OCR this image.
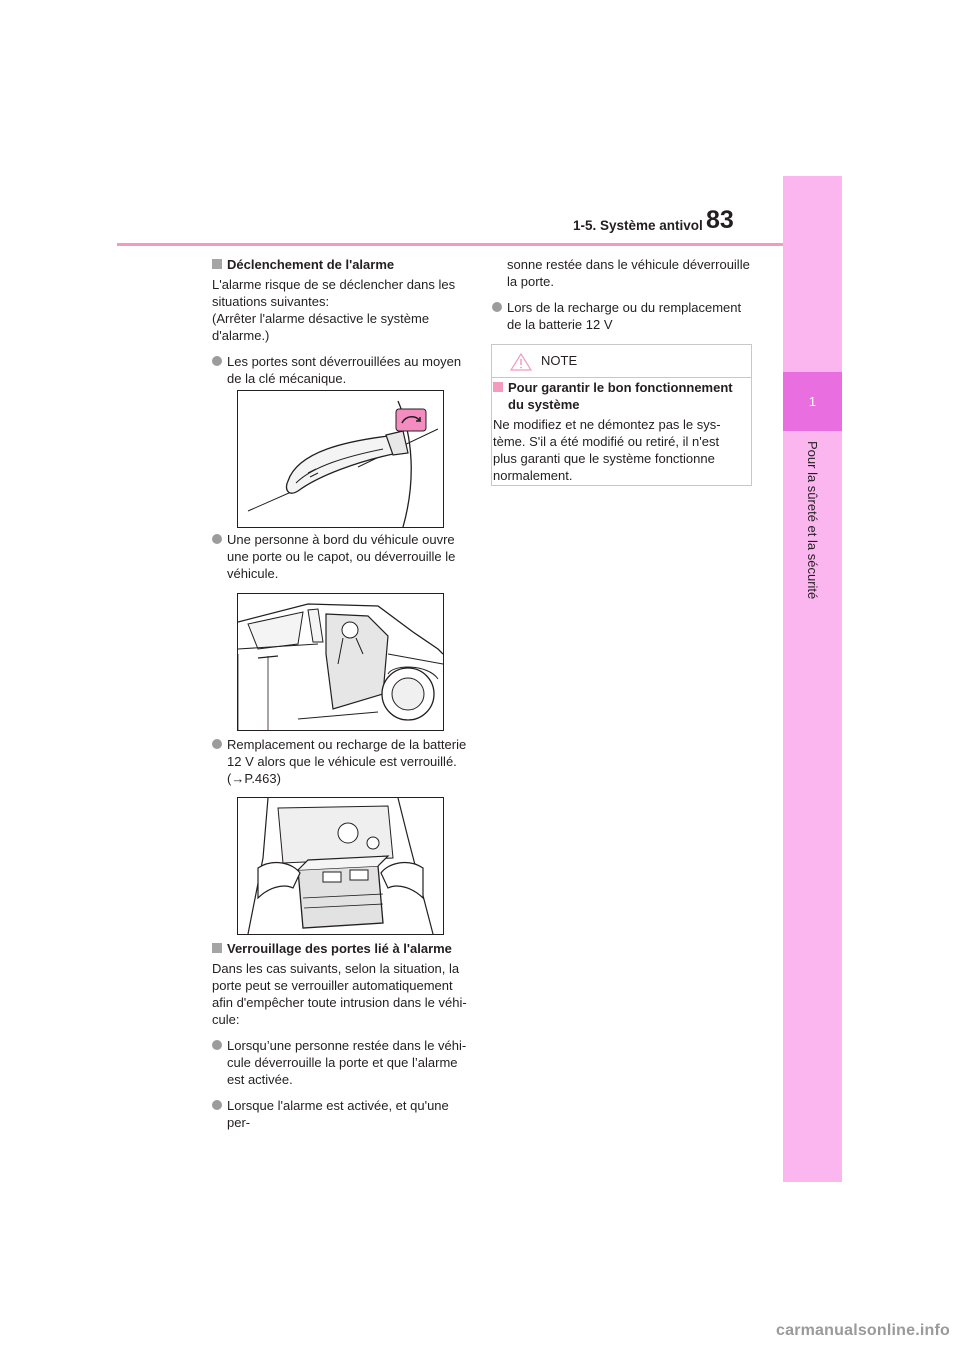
1-5. Système antivol 83
1
Pour la sûreté et la sécurité

Déclenchement de l'alarme

L'alarme risque de se déclencher dans les
situations suivantes:
(Arrêter l'alarme désactive le système
d'alarme.)

Les portes sont déverrouillées au moyen
de la clé mécanique.

Une personne à bord du véhicule ouvre
une porte ou le capot, ou déverrouille le
véhicule.

Remplacement ou recharge de la batterie
12 V alors que le véhicule est verrouillé.
(→P.463)

Verrouillage des portes lié à l'alarme

Dans les cas suivants, selon la situation, la
porte peut se verrouiller automatiquement
afin d'empêcher toute intrusion dans le véhi-
cule:

Lorsqu’une personne restée dans le véhi-
cule déverrouille la porte et que l’alarme
est activée.

Lorsque l'alarme est activée, et qu'une per-

sonne restée dans le véhicule déverrouille
la porte.

Lors de la recharge ou du remplacement
de la batterie 12 V

NOTE

Pour garantir le bon fonctionnement
du système

Ne modifiez et ne démontez pas le sys-
tème. S'il a été modifié ou retiré, il n'est
plus garanti que le système fonctionne
normalement.

carmanualsonline.info
